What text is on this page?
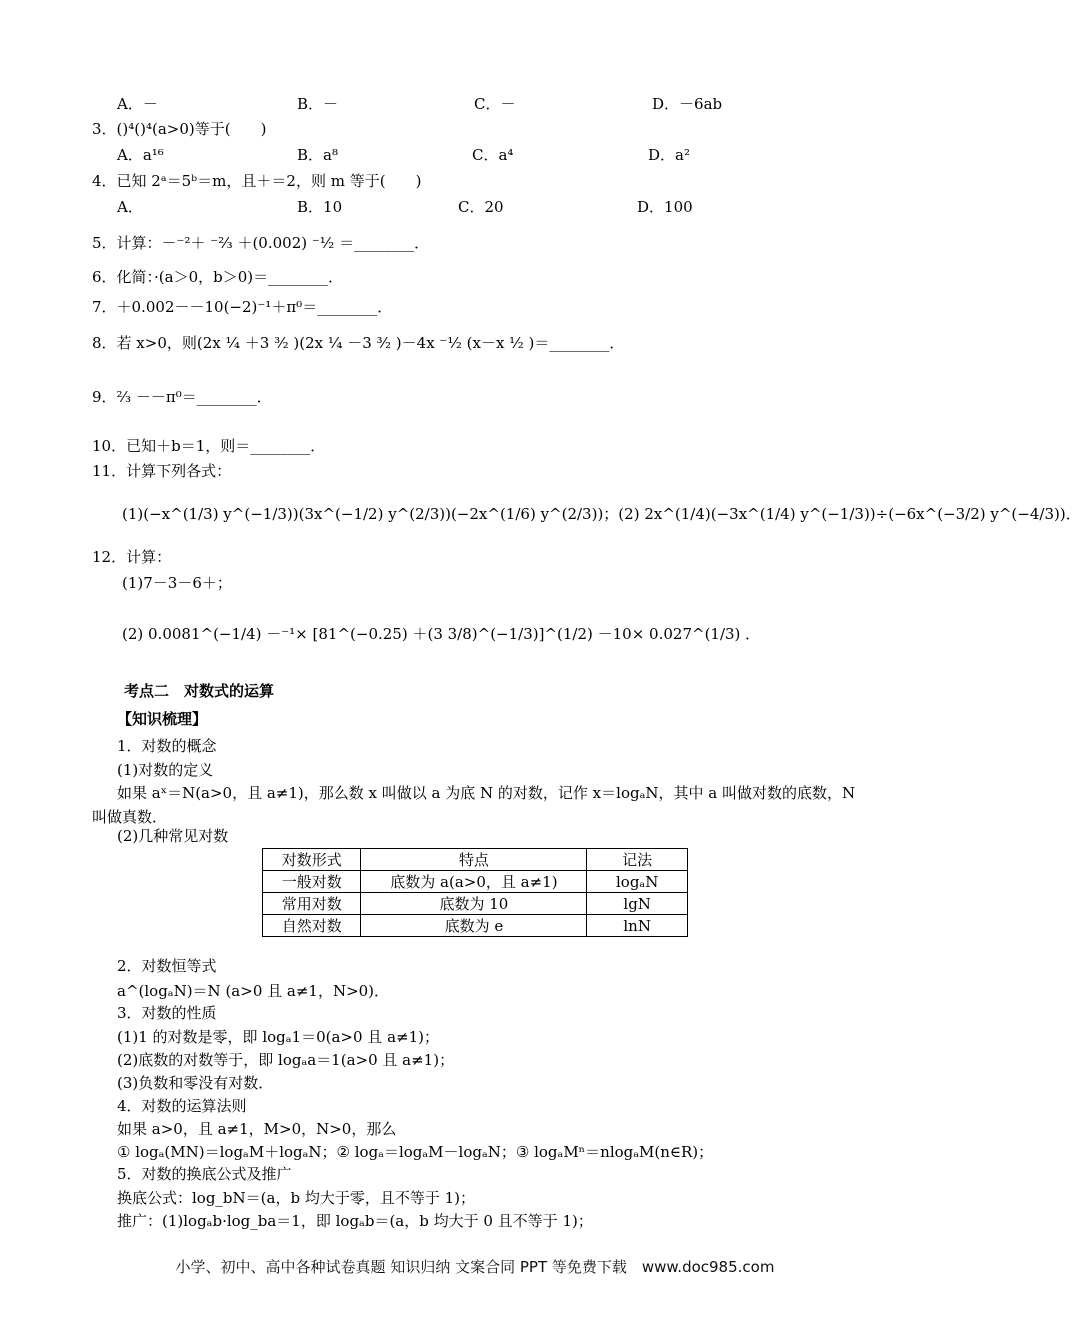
A．－	B．－	C．－	D．－6ab
3．()⁴()⁴(a>0)等于(　　)
A．a¹⁶	B．a⁸	C．a⁴	D．a²
4．已知 2ᵃ＝5ᵇ＝m，且＋＝2，则 m 等于(　　)
A．	B．10	C．20	D．100
5．计算：－⁻²＋ ⁻²⁄₃ ＋(0.002) ⁻¹⁄₂ ＝________．
6．化简：·(a＞0，b＞0)＝________．
7．＋0.002－－10(−2)⁻¹＋π⁰＝________．
8．若 x>0，则(2x ¹⁄₄ ＋3 ³⁄₂ )(2x ¹⁄₄ －3 ³⁄₂ )－4x ⁻¹⁄₂ (x－x ¹⁄₂ )＝________．
9．²⁄₃ －－π⁰＝________．
10．已知＋b＝1，则＝________．
11．计算下列各式：
(1)(−x^(1/3) y^(−1/3))(3x^(−1/2) y^(2/3))(−2x^(1/6) y^(2/3))；(2) 2x^(1/4)(−3x^(1/4) y^(−1/3))÷(−6x^(−3/2) y^(−4/3))．
12．计算：
(1)7－3－6＋；
(2) 0.0081^(−1/4) －⁻¹× [81^(−0.25) ＋(3 3/8)^(−1/3)]^(1/2) －10× 0.027^(1/3) ．
考点二　对数式的运算
【知识梳理】
1．对数的概念
(1)对数的定义
如果 aˣ＝N(a>0，且 a≠1)，那么数 x 叫做以 a 为底 N 的对数，记作 x＝logₐN，其中 a 叫做对数的底数，N
叫做真数．
(2)几种常见对数
对数形式	特点	记法
一般对数	底数为 a(a>0，且 a≠1)	logₐN
常用对数	底数为 10	lgN
自然对数	底数为 e	lnN
2．对数恒等式
a^(logₐN)＝N (a>0 且 a≠1，N>0)．
3．对数的性质
(1)1 的对数是零，即 logₐ1＝0(a>0 且 a≠1)；
(2)底数的对数等于，即 logₐa＝1(a>0 且 a≠1)；
(3)负数和零没有对数．
4．对数的运算法则
如果 a>0，且 a≠1，M>0，N>0，那么
① logₐ(MN)＝logₐM＋logₐN；② logₐ＝logₐM－logₐN；③ logₐMⁿ＝nlogₐM(n∈R)；
5．对数的换底公式及推广
换底公式：log_bN＝(a，b 均大于零，且不等于 1)；
推广：(1)logₐb·log_ba＝1，即 logₐb＝(a，b 均大于 0 且不等于 1)；
小学、初中、高中各种试卷真题 知识归纳 文案合同 PPT 等免费下载　www.doc985.com
